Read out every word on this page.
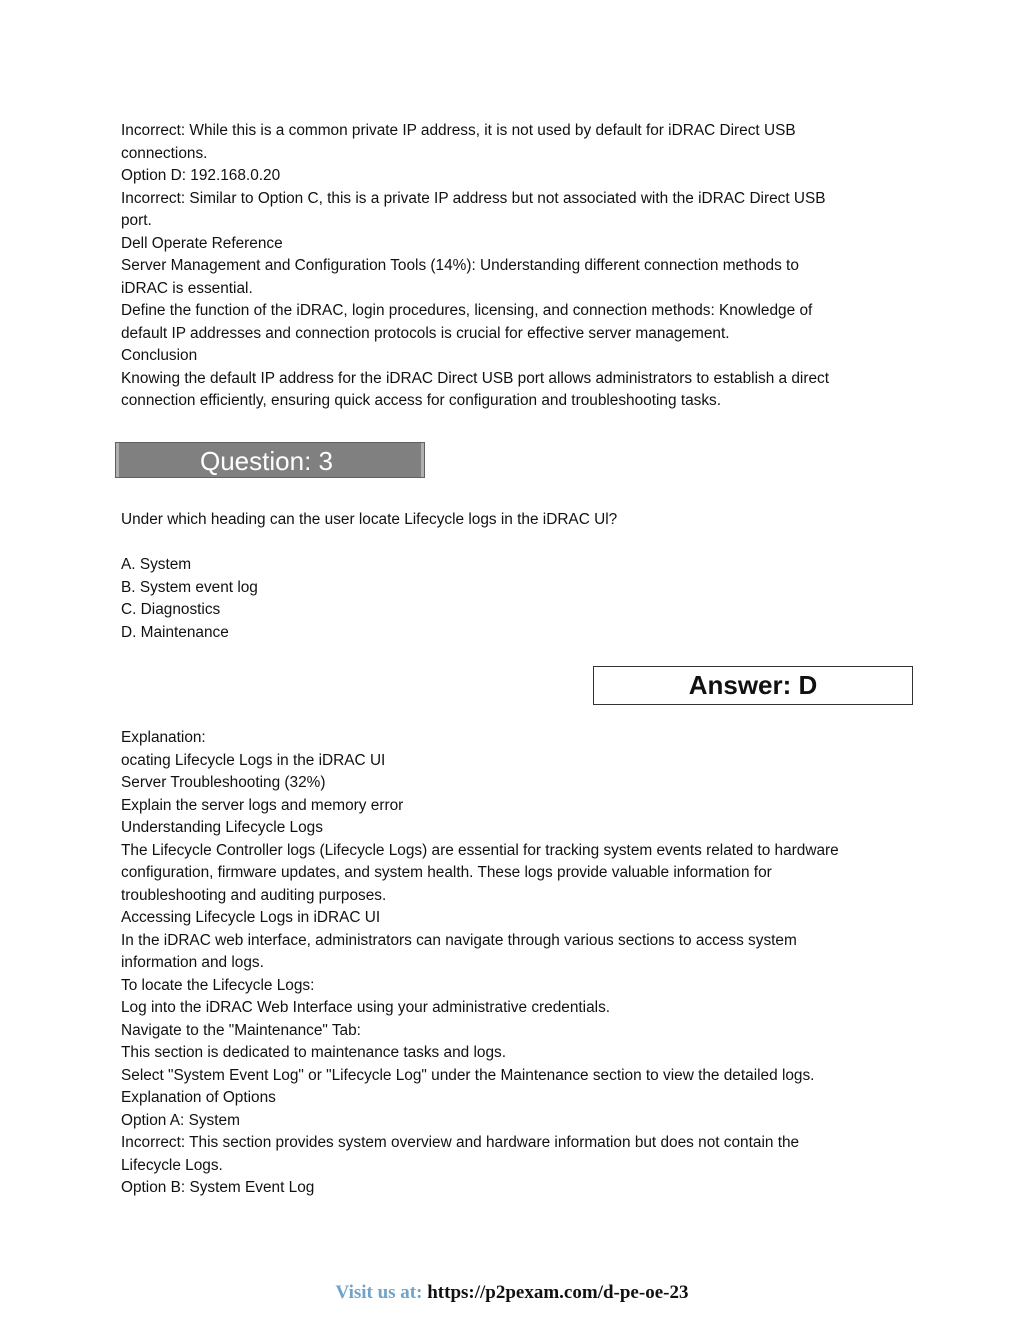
Incorrect: While this is a common private IP address, it is not used by default for iDRAC Direct USB

connections.

Option D: 192.168.0.20

Incorrect: Similar to Option C, this is a private IP address but not associated with the iDRAC Direct USB

port.

Dell Operate Reference

Server Management and Configuration Tools (14%): Understanding different connection methods to

iDRAC is essential.

Define the function of the iDRAC, login procedures, licensing, and connection methods: Knowledge of

default IP addresses and connection protocols is crucial for effective server management.

Conclusion

Knowing the default IP address for the iDRAC Direct USB port allows administrators to establish a direct

connection efficiently, ensuring quick access for configuration and troubleshooting tasks.

Question: 3

Under which heading can the user locate Lifecycle logs in the iDRAC Ul?

A. System

B. System event log

C. Diagnostics

D. Maintenance

Answer: D

Explanation:

ocating Lifecycle Logs in the iDRAC UI

Server Troubleshooting (32%)

Explain the server logs and memory error

Understanding Lifecycle Logs

The Lifecycle Controller logs (Lifecycle Logs) are essential for tracking system events related to hardware

configuration, firmware updates, and system health. These logs provide valuable information for

troubleshooting and auditing purposes.

Accessing Lifecycle Logs in iDRAC UI

In the iDRAC web interface, administrators can navigate through various sections to access system

information and logs.

To locate the Lifecycle Logs:

Log into the iDRAC Web Interface using your administrative credentials.

Navigate to the "Maintenance" Tab:

This section is dedicated to maintenance tasks and logs.

Select "System Event Log" or "Lifecycle Log" under the Maintenance section to view the detailed logs.

Explanation of Options

Option A: System

Incorrect: This section provides system overview and hardware information but does not contain the

Lifecycle Logs.

Option B: System Event Log

Visit us at: https://p2pexam.com/d-pe-oe-23
